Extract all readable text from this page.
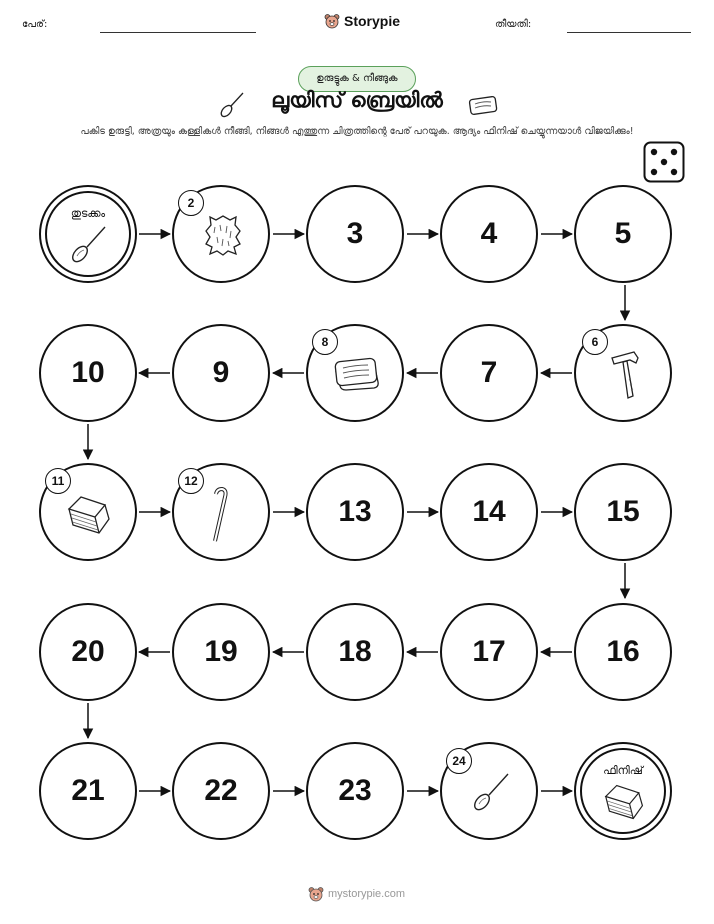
പേര്:	Storypie	തീയതി:
ഉരുട്ടുക & നീങ്ങുക
ലൂയിസ് ബ്രെയിൽ
പകിട ഉരുട്ടി, അത്രയും കള്ളികൾ നീങ്ങി, നിങ്ങൾ എത്തുന്ന ചിത്രത്തിന്റെ പേര് പറയുക. ആദ്യം ഫിനിഷ് ചെയ്യുന്നയാൾ വിജയിക്കും!
തുടക്കം
2
3	4	5
6
7
8
9
10
11	12
13	14	15
16
17
18
19
20
21	22	23
24
ഫിനിഷ്
mystorypie.com
